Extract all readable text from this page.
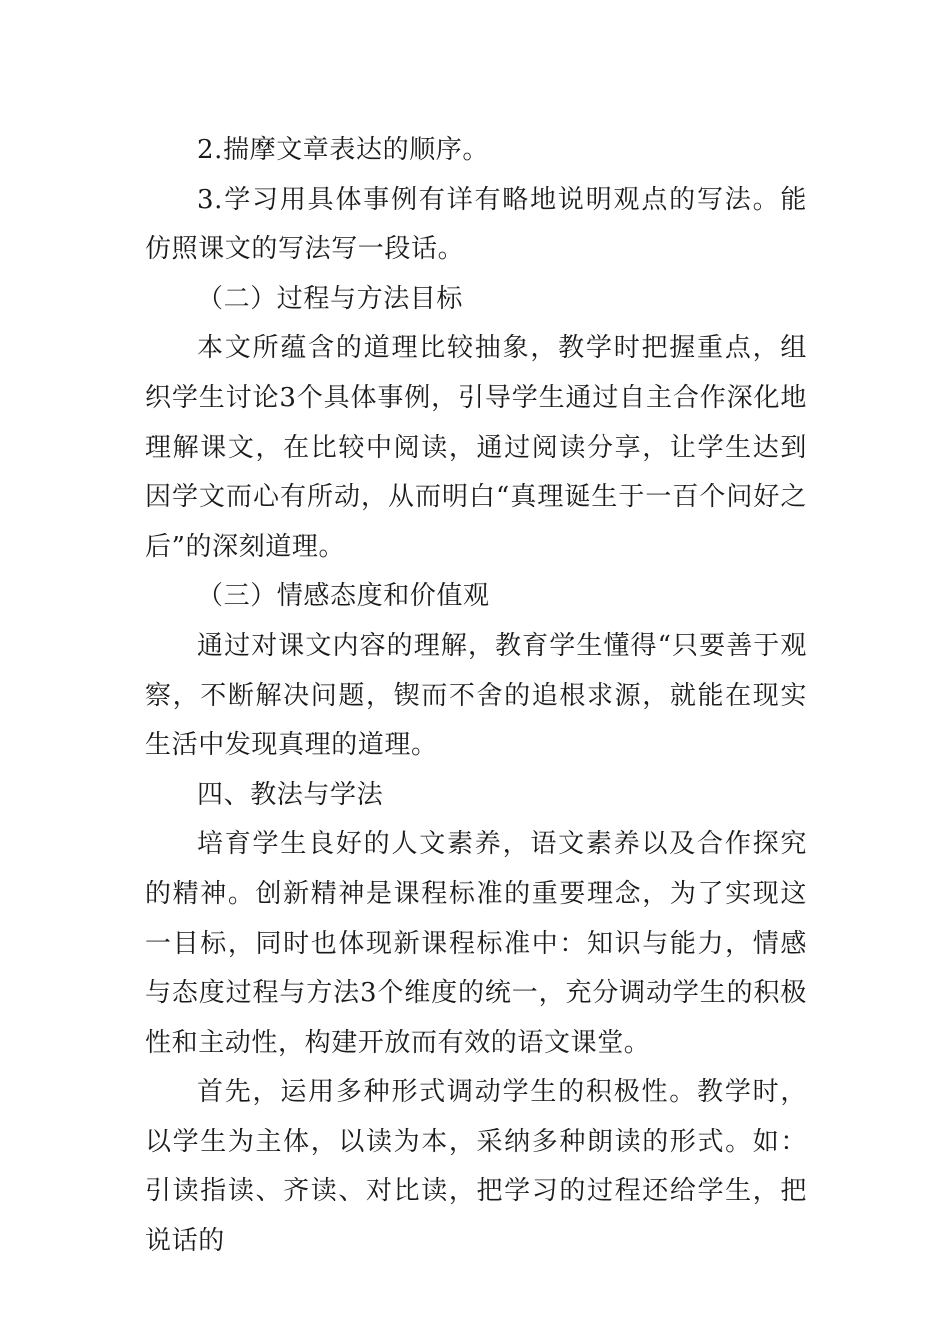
2.揣摩文章表达的顺序。

3.学习用具体事例有详有略地说明观点的写法。能仿照课文的写法写一段话。

（二）过程与方法目标

本文所蕴含的道理比较抽象，教学时把握重点，组织学生讨论3个具体事例，引导学生通过自主合作深化地理解课文，在比较中阅读，通过阅读分享，让学生达到因学文而心有所动，从而明白“真理诞生于一百个问好之后”的深刻道理。

（三）情感态度和价值观

通过对课文内容的理解，教育学生懂得“只要善于观察，不断解决问题，锲而不舍的追根求源，就能在现实生活中发现真理的道理。

四、教法与学法

培育学生良好的人文素养，语文素养以及合作探究的精神。创新精神是课程标准的重要理念，为了实现这一目标，同时也体现新课程标准中：知识与能力，情感与态度过程与方法3个维度的统一，充分调动学生的积极性和主动性，构建开放而有效的语文课堂。

首先，运用多种形式调动学生的积极性。教学时，以学生为主体，以读为本，采纳多种朗读的形式。如：引读指读、齐读、对比读，把学习的过程还给学生，把说话的
